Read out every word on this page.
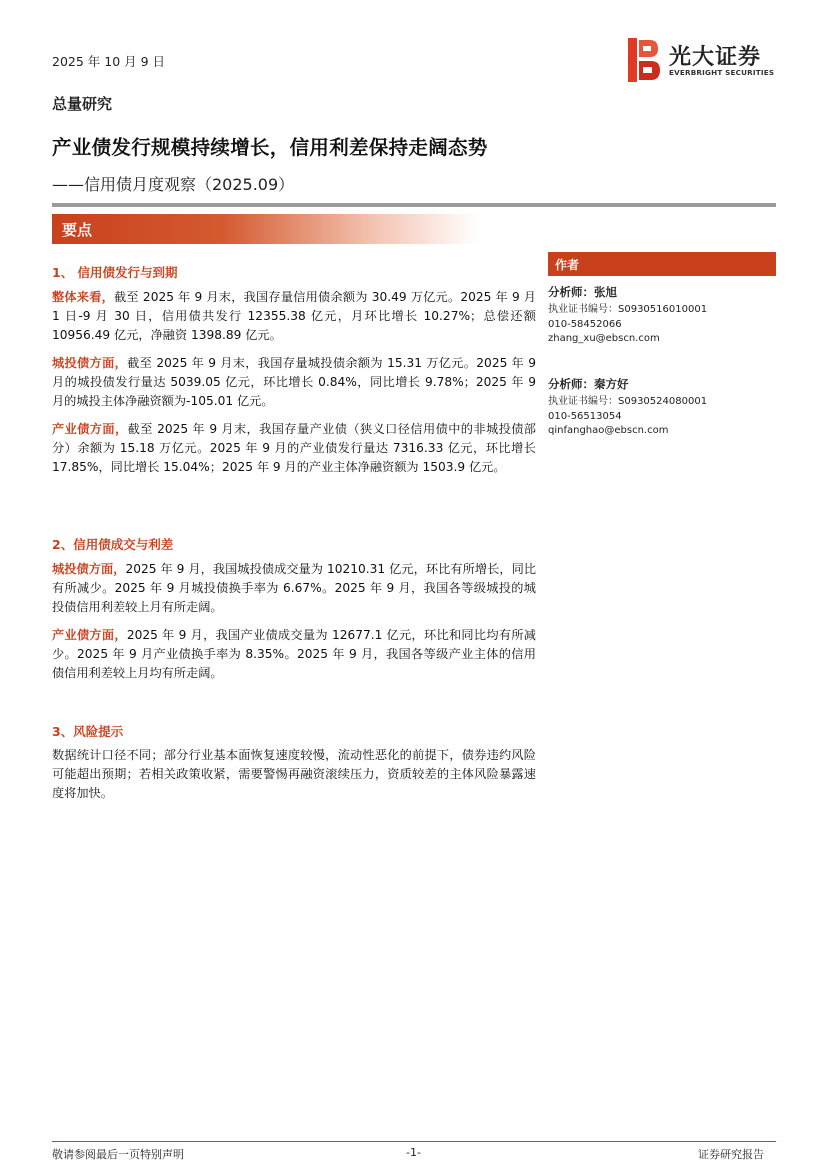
2025 年 10 月 9 日	光大证券
EVERBRIGHT SECURITIES
总量研究
产业债发行规模持续增长，信用利差保持走阔态势
——信用债月度观察（2025.09）
要点
作者
分析师：张旭
执业证书编号：S0930516010001
010-58452066
zhang_xu@ebscn.com
分析师：秦方好
执业证书编号：S0930524080001
010-56513054
qinfanghao@ebscn.com
1、 信用债发行与到期
整体来看，截至 2025 年 9 月末，我国存量信用债余额为 30.49 万亿元。2025 年 9 月 1 日-9 月 30 日，信用债共发行 12355.38 亿元，月环比增长 10.27%；总偿还额 10956.49 亿元，净融资 1398.89 亿元。
城投债方面，截至 2025 年 9 月末，我国存量城投债余额为 15.31 万亿元。2025 年 9 月的城投债发行量达 5039.05 亿元，环比增长 0.84%，同比增长 9.78%；2025 年 9 月的城投主体净融资额为-105.01 亿元。
产业债方面，截至 2025 年 9 月末，我国存量产业债（狭义口径信用债中的非城投债部分）余额为 15.18 万亿元。2025 年 9 月的产业债发行量达 7316.33 亿元，环比增长 17.85%，同比增长 15.04%；2025 年 9 月的产业主体净融资额为 1503.9 亿元。
2、信用债成交与利差
城投债方面，2025 年 9 月，我国城投债成交量为 10210.31 亿元，环比有所增长，同比有所减少。2025 年 9 月城投债换手率为 6.67%。2025 年 9 月，我国各等级城投的城投债信用利差较上月有所走阔。
产业债方面，2025 年 9 月，我国产业债成交量为 12677.1 亿元，环比和同比均有所减少。2025 年 9 月产业债换手率为 8.35%。2025 年 9 月，我国各等级产业主体的信用债信用利差较上月均有所走阔。
3、风险提示
数据统计口径不同；部分行业基本面恢复速度较慢，流动性恶化的前提下，债券违约风险可能超出预期；若相关政策收紧，需要警惕再融资滚续压力，资质较差的主体风险暴露速度将加快。
敬请参阅最后一页特别声明	-1-	证券研究报告
